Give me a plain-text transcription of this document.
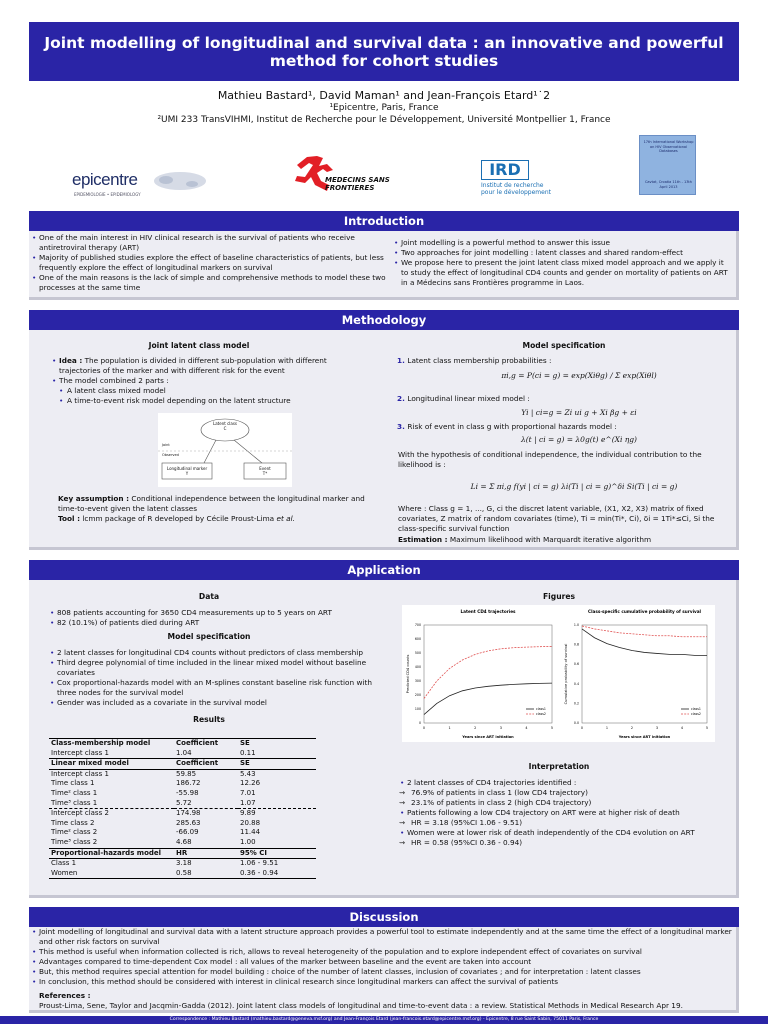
Joint modelling of longitudinal and survival data : an innovative and powerful
method for cohort studies
Mathieu Bastard¹, David Maman¹ and Jean-François Etard¹˙2
¹Epicentre, Paris, France
²UMI 233 TransVIHMI, Institut de Recherche pour le Développement, Université Montpellier 1, France
epicentre
EPIDEMIOLOGIE • EPIDEMIOLOGY
MEDECINS SANS FRONTIERES
IRD
Institut de recherche
pour le développement
17th International Workshop on HIV Observational Databases
Cavtat, Croatia 11th - 13th April 2013
Introduction
• One of the main interest in HIV clinical research is the survival of patients who receive antiretroviral therapy (ART)
• Majority of published studies explore the effect of baseline characteristics of patients, but less frequently explore the effect of longitudinal markers on survival
• One of the main reasons is the lack of simple and comprehensive methods to model these two processes at the same time
• Joint modelling is a powerful method to answer this issue
• Two approaches for joint modelling : latent classes and shared random-effect
• We propose here to present the joint latent class mixed model approach and we apply it to study the effect of longitudinal CD4 counts and gender on mortality of patients on ART in a Médecins sans Frontières programme in Laos.
Methodology
Joint latent class model
• Idea : The population is divided in different sub-population with different trajectories of the marker and with different risk for the event
• The model combined 2 parts :
• A latent class mixed model
• A time-to-event risk model depending on the latent structure
Latent class
C
Joint
Observed
Longitudinal marker
Y
Event
T*
Key assumption : Conditional independence between the longitudinal marker and time-to-event given the latent classes
Tool : lcmm package of R developed by Cécile Proust-Lima et al.
Model specification
1. Latent class membership probabilities :
πi,g = P(ci = g) = exp(Xiθg) / Σ exp(Xiθl)
2. Longitudinal linear mixed model :
Yi | ci=g = Zi ui g + Xi βg + εi
3. Risk of event in class g with proportional hazards model :
λ(t | ci = g) = λ0g(t) e^(Xi ηg)
With the hypothesis of conditional independence, the individual contribution to the likelihood is :
Li = Σ πi,g f(yi | ci = g) λi(Ti | ci = g)^δi Si(Ti | ci = g)
Where : Class g = 1, ..., G, ci the discret latent variable, (X1, X2, X3) matrix of fixed covariates, Z matrix of random covariates (time), Ti = min(Ti*, Ci), δi = 1Ti*≤Ci, Si the class-specific survival function
Estimation : Maximum likelihood with Marquardt iterative algorithm
Application
Data
• 808 patients accounting for 3650 CD4 measurements up to 5 years on ART
• 82 (10.1%) of patients died during ART
Model specification
• 2 latent classes for longitudinal CD4 counts without predictors of class membership
• Third degree polynomial of time included in the linear mixed model without baseline covariates
• Cox proportional-hazards model with an M-splines constant baseline risk function with three nodes for the survival model
• Gender was included as a covariate in the survival model
Results
Class-membership model	Coefficient	SE
Intercept class 1	1.04	0.11
Linear mixed model	Coefficient	SE
Intercept class 1	59.85	5.43
Time class 1	186.72	12.26
Time² class 1	-55.98	7.01
Time³ class 1	5.72	1.07
Intercept class 2	174.98	9.89
Time class 2	285.63	20.88
Time² class 2	-66.09	11.44
Time³ class 2	4.68	1.00
Proportional-hazards model	HR	95% CI
Class 1	3.18	1.06 - 9.51
Women	0.58	0.36 - 0.94
Figures
Latent CD4 trajectories
Years since ART initiation
Predicted CD4 counts
0	1	2	3	4	5
0
100
200
300
400
500
600
700
class1
class2
Class-specific cumulative probability of survival
Years since ART initiation
Cumulative probability of survival
0	1	2	3	4	5
0.0
0.2
0.4
0.6
0.8
1.0
class1
class2
Interpretation
• 2 latent classes of CD4 trajectories identified :
⇝ 76.9% of patients in class 1 (low CD4 trajectory)
⇝ 23.1% of patients in class 2 (high CD4 trajectory)
• Patients following a low CD4 trajectory on ART were at higher risk of death
⇝ HR = 3.18 (95%CI 1.06 - 9.51)
• Women were at lower risk of death independently of the CD4 evolution on ART
⇝ HR = 0.58 (95%CI 0.36 - 0.94)
Discussion
• Joint modelling of longitudinal and survival data with a latent structure approach provides a powerful tool to estimate independently and at the same time the effect of a longitudinal marker and other risk factors on survival
• This method is useful when information collected is rich, allows to reveal heterogeneity of the population and to explore independent effect of covariates on survival
• Advantages compared to time-dependent Cox model : all values of the marker between baseline and the event are taken into account
• But, this method requires special attention for model building : choice of the number of latent classes, inclusion of covariates ; and for interpretation : latent classes
• In conclusion, this method should be considered with interest in clinical research since longitudinal markers can affect the survival of patients
References :
Proust-Lima, Sene, Taylor and Jacqmin-Gadda (2012). Joint latent class models of longitudinal and time-to-event data : a review. Statistical Methods in Medical Research Apr 19.
Correspondence : Mathieu Bastard (mathieu.bastard@geneva.msf.org) and Jean-François Etard (jean-francois.etard@epicentre.msf.org) - Epicentre, 8 rue Saint Sabin, 75011 Paris, France
